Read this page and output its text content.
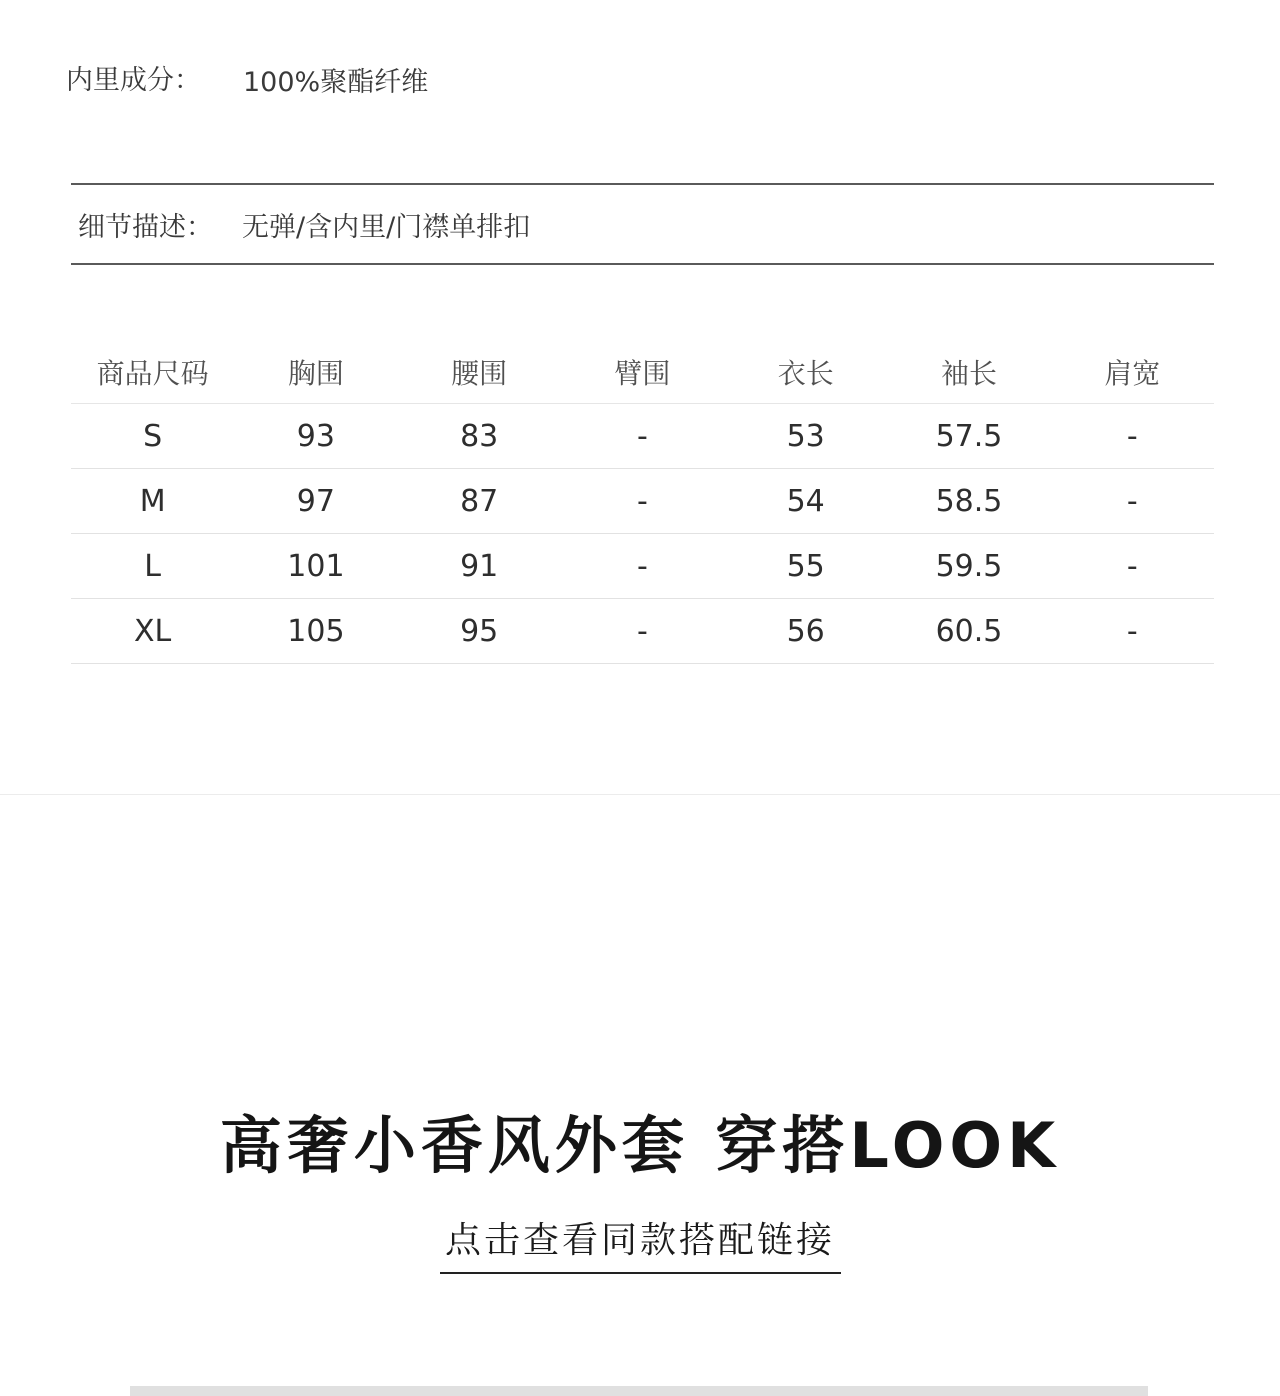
内里成分： 100%聚酯纤维
细节描述： 无弹/含内里/门襟单排扣
商品尺码	胸围	腰围	臂围	衣长	袖长	肩宽
S	93	83	-	53	57.5	-
M	97	87	-	54	58.5	-
L	101	91	-	55	59.5	-
XL	105	95	-	56	60.5	-
高奢小香风外套 穿搭LOOK
点击查看同款搭配链接
